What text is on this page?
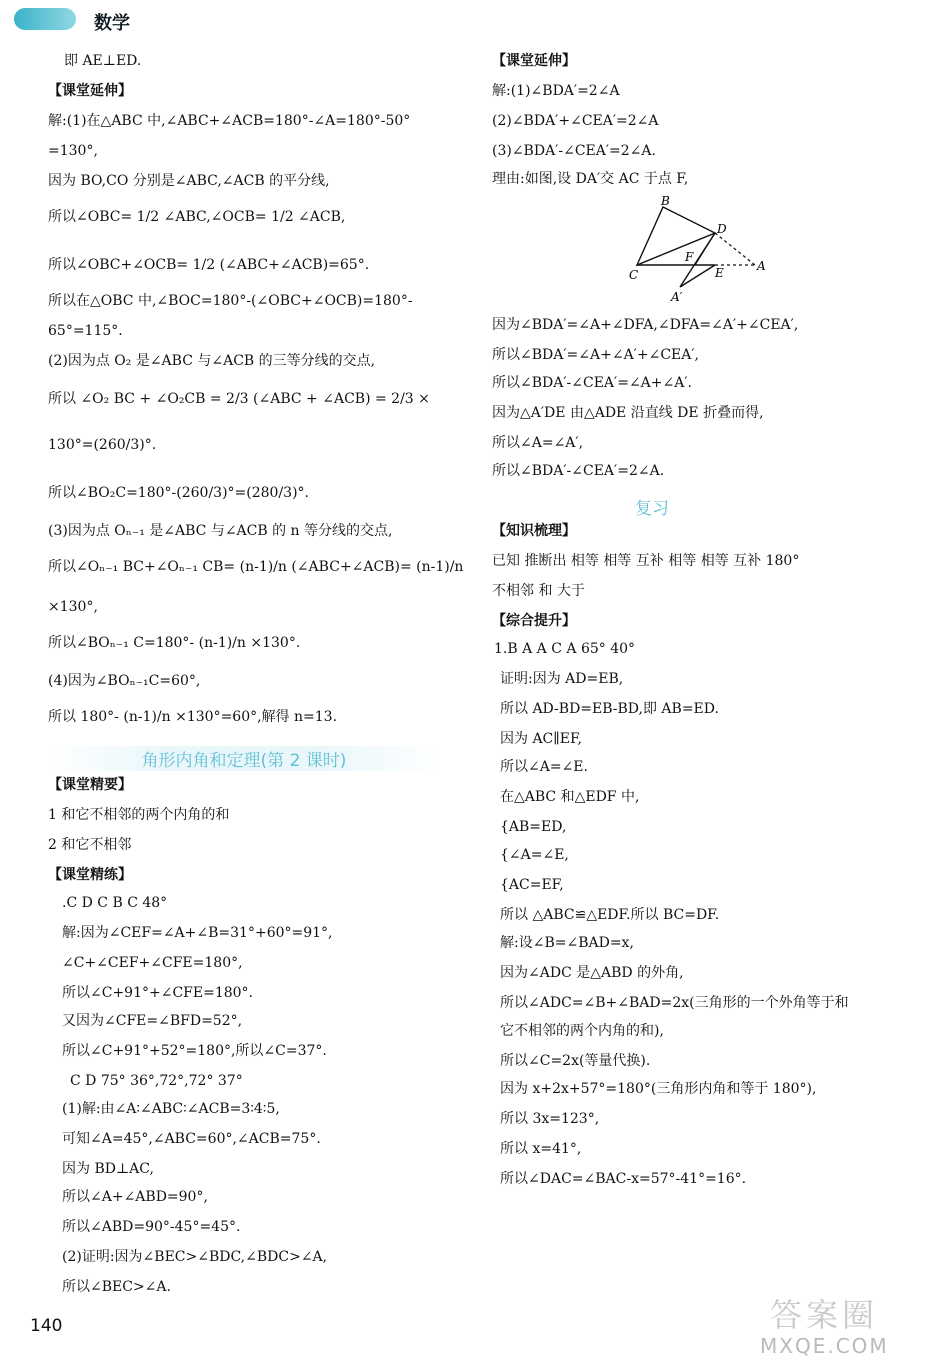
数学
即 AE⊥ED.
【课堂延伸】
解:(1)在△ABC 中,∠ABC+∠ACB=180°-∠A=180°-50°
=130°,
因为 BO,CO 分别是∠ABC,∠ACB 的平分线,
所以∠OBC= 1/2 ∠ABC,∠OCB= 1/2 ∠ACB,
所以∠OBC+∠OCB= 1/2 (∠ABC+∠ACB)=65°.
所以在△OBC 中,∠BOC=180°-(∠OBC+∠OCB)=180°-
65°=115°.
(2)因为点 O₂ 是∠ABC 与∠ACB 的三等分线的交点,
所以 ∠O₂ BC + ∠O₂CB = 2/3 (∠ABC + ∠ACB) = 2/3 ×
130°=(260/3)°.
所以∠BO₂C=180°-(260/3)°=(280/3)°.
(3)因为点 Oₙ₋₁ 是∠ABC 与∠ACB 的 n 等分线的交点,
所以∠Oₙ₋₁ BC+∠Oₙ₋₁ CB= (n-1)/n (∠ABC+∠ACB)= (n-1)/n
×130°,
所以∠BOₙ₋₁ C=180°- (n-1)/n ×130°.
(4)因为∠BOₙ₋₁C=60°,
所以 180°- (n-1)/n ×130°=60°,解得 n=13.
角形内角和定理(第 2 课时)
【课堂精要】
1 和它不相邻的两个内角的和
2 和它不相邻
【课堂精练】
.C D C B C 48°
解:因为∠CEF=∠A+∠B=31°+60°=91°,
∠C+∠CEF+∠CFE=180°,
所以∠C+91°+∠CFE=180°.
又因为∠CFE=∠BFD=52°,
所以∠C+91°+52°=180°,所以∠C=37°.
C D 75° 36°,72°,72° 37°
(1)解:由∠A∶∠ABC∶∠ACB=3∶4∶5,
可知∠A=45°,∠ABC=60°,∠ACB=75°.
因为 BD⊥AC,
所以∠A+∠ABD=90°,
所以∠ABD=90°-45°=45°.
(2)证明:因为∠BEC>∠BDC,∠BDC>∠A,
所以∠BEC>∠A.
【课堂延伸】
解:(1)∠BDA′=2∠A
(2)∠BDA′+∠CEA′=2∠A
(3)∠BDA′-∠CEA′=2∠A.
理由:如图,设 DA′交 AC 于点 F,
因为∠BDA′=∠A+∠DFA,∠DFA=∠A′+∠CEA′,
所以∠BDA′=∠A+∠A′+∠CEA′,
所以∠BDA′-∠CEA′=∠A+∠A′.
因为△A′DE 由△ADE 沿直线 DE 折叠而得,
所以∠A=∠A′,
所以∠BDA′-∠CEA′=2∠A.
复习
【知识梳理】
已知 推断出 相等 相等 互补 相等 相等 互补 180°
不相邻 和 大于
【综合提升】
1.B A A C A 65° 40°
证明:因为 AD=EB,
所以 AD-BD=EB-BD,即 AB=ED.
因为 AC∥EF,
所以∠A=∠E.
在△ABC 和△EDF 中,
{AB=ED,
{∠A=∠E,
{AC=EF,
所以 △ABC≌△EDF.所以 BC=DF.
解:设∠B=∠BAD=x,
因为∠ADC 是△ABD 的外角,
所以∠ADC=∠B+∠BAD=2x(三角形的一个外角等于和
它不相邻的两个内角的和),
所以∠C=2x(等量代换).
因为 x+2x+57°=180°(三角形内角和等于 180°),
所以 3x=123°,
所以 x=41°,
所以∠DAC=∠BAC-x=57°-41°=16°.
B
D
F
C	E	A
A′
140	答案圈
MXQE.COM
